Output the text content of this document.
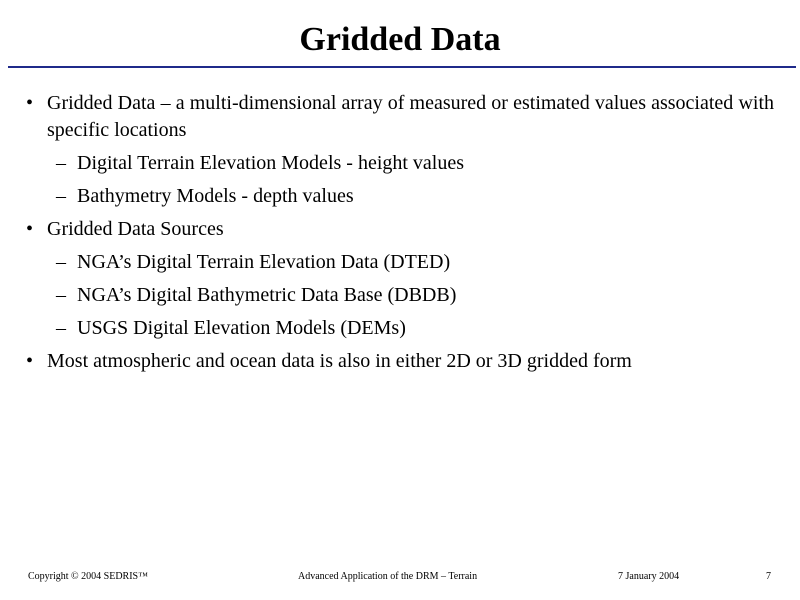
Gridded Data
• Gridded Data – a multi-dimensional array of measured or estimated values associated with specific locations
– Digital Terrain Elevation Models - height values
– Bathymetry Models - depth values
• Gridded Data Sources
– NGA’s Digital Terrain Elevation Data (DTED)
– NGA’s Digital Bathymetric Data Base (DBDB)
– USGS Digital Elevation Models (DEMs)
• Most atmospheric and ocean data is also in either 2D or 3D gridded form
Copyright © 2004 SEDRIS™	Advanced Application of the DRM – Terrain	7 January 2004	7
